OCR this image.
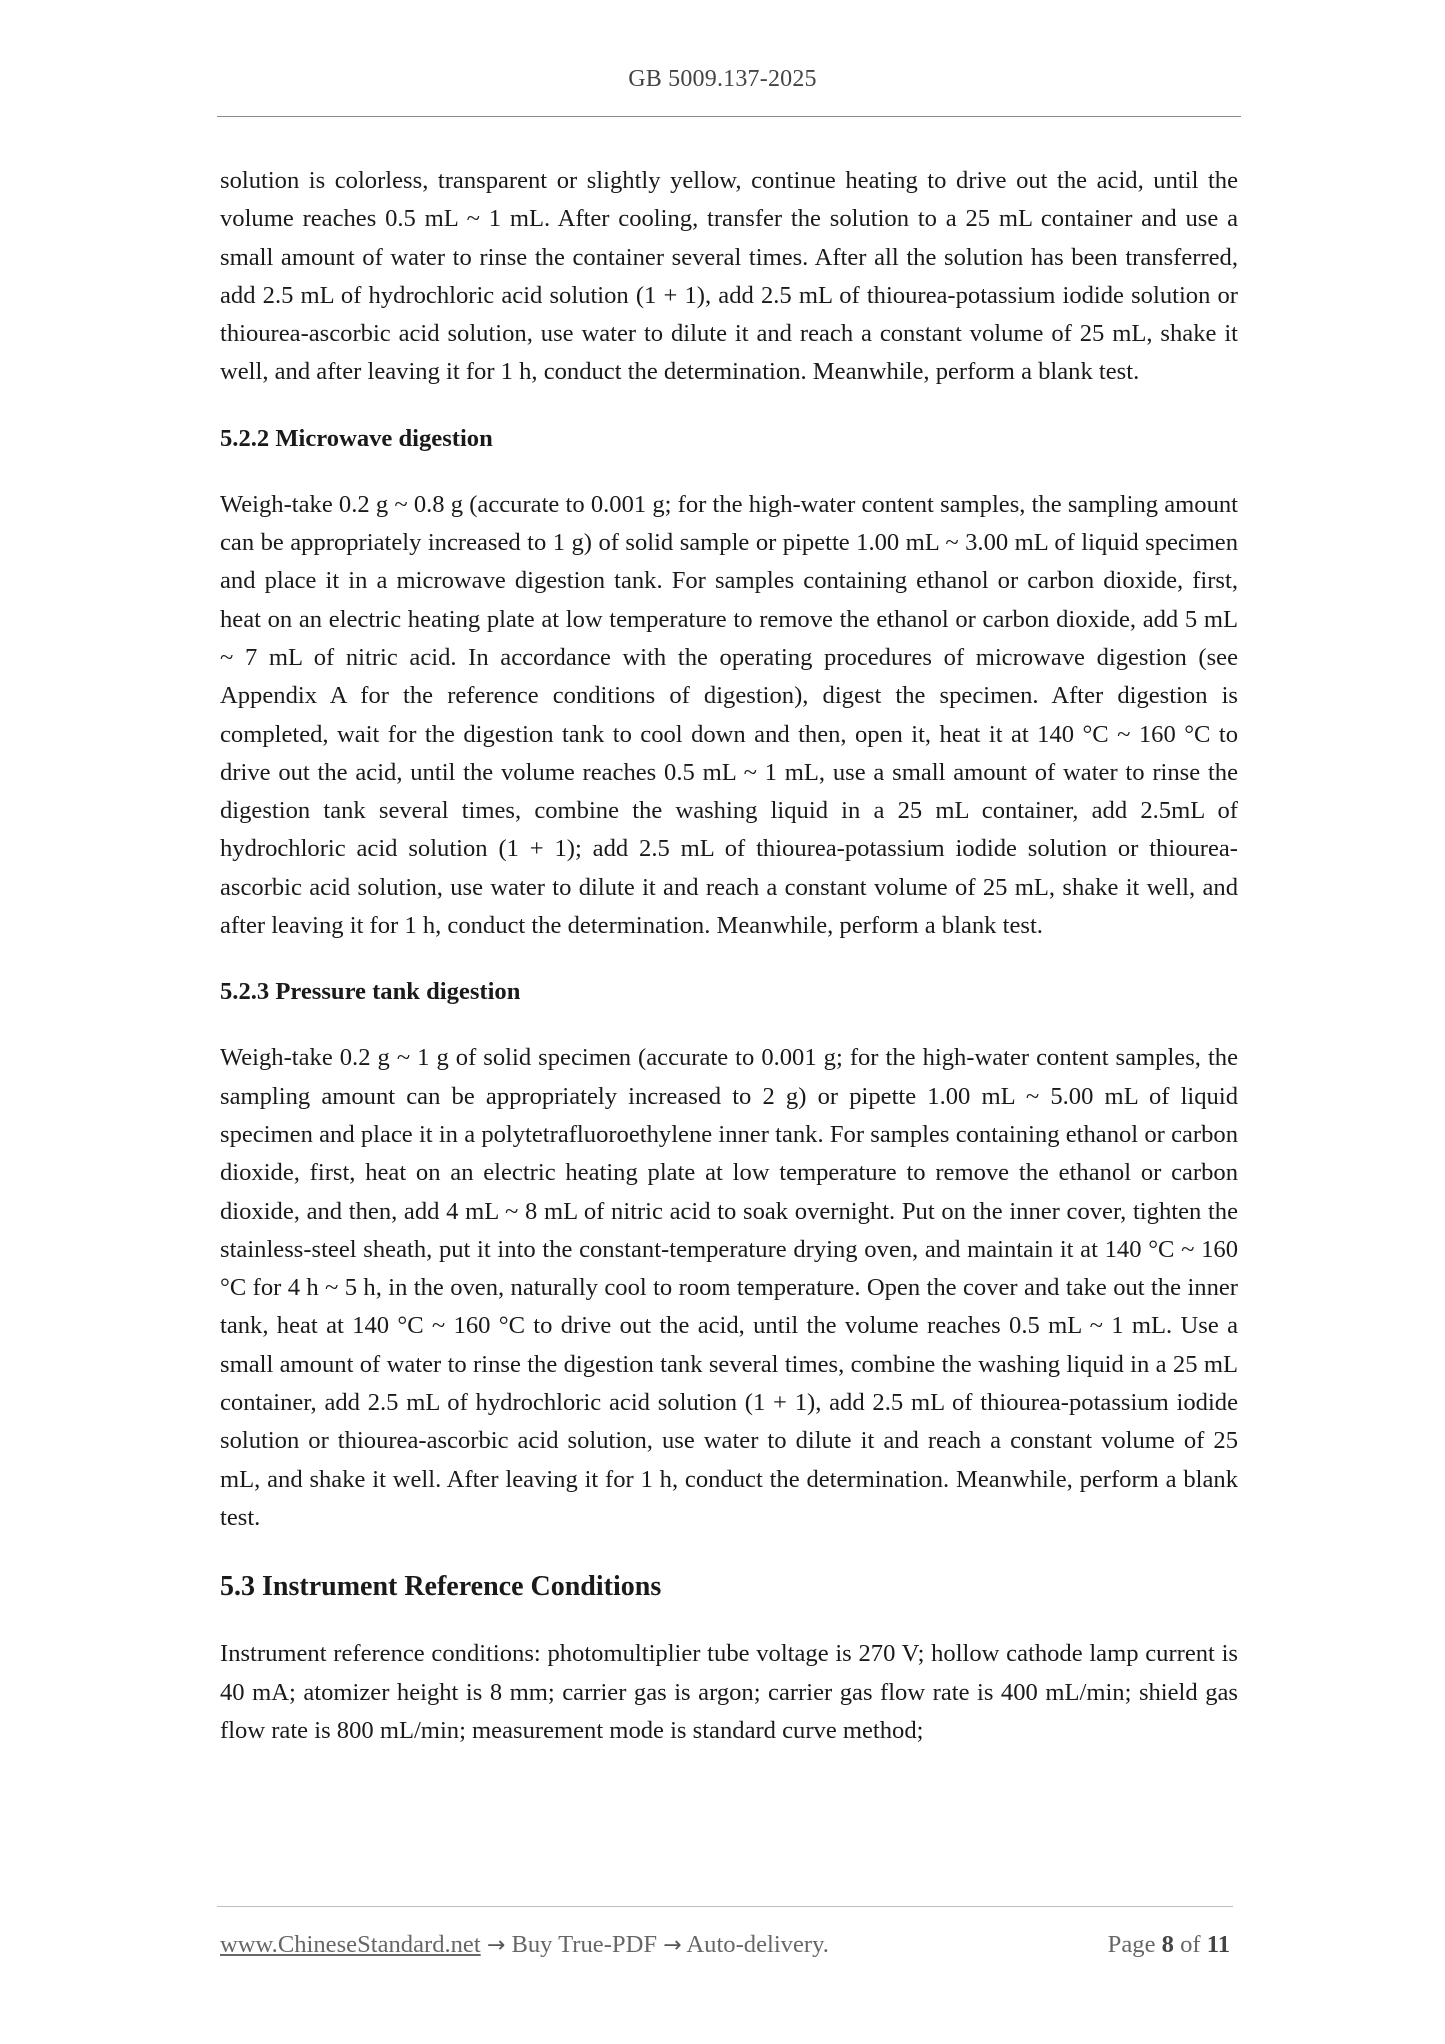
GB 5009.137-2025

solution is colorless, transparent or slightly yellow, continue heating to drive out the acid, until the volume reaches 0.5 mL ~ 1 mL. After cooling, transfer the solution to a 25 mL container and use a small amount of water to rinse the container several times. After all the solution has been transferred, add 2.5 mL of hydrochloric acid solution (1 + 1), add 2.5 mL of thiourea-potassium iodide solution or thiourea-ascorbic acid solution, use water to dilute it and reach a constant volume of 25 mL, shake it well, and after leaving it for 1 h, conduct the determination. Meanwhile, perform a blank test.

5.2.2 Microwave digestion

Weigh-take 0.2 g ~ 0.8 g (accurate to 0.001 g; for the high-water content samples, the sampling amount can be appropriately increased to 1 g) of solid sample or pipette 1.00 mL ~ 3.00 mL of liquid specimen and place it in a microwave digestion tank. For samples containing ethanol or carbon dioxide, first, heat on an electric heating plate at low temperature to remove the ethanol or carbon dioxide, add 5 mL ~ 7 mL of nitric acid. In accordance with the operating procedures of microwave digestion (see Appendix A for the reference conditions of digestion), digest the specimen. After digestion is completed, wait for the digestion tank to cool down and then, open it, heat it at 140 °C ~ 160 °C to drive out the acid, until the volume reaches 0.5 mL ~ 1 mL, use a small amount of water to rinse the digestion tank several times, combine the washing liquid in a 25 mL container, add 2.5mL of hydrochloric acid solution (1 + 1); add 2.5 mL of thiourea-potassium iodide solution or thiourea-ascorbic acid solution, use water to dilute it and reach a constant volume of 25 mL, shake it well, and after leaving it for 1 h, conduct the determination. Meanwhile, perform a blank test.

5.2.3 Pressure tank digestion

Weigh-take 0.2 g ~ 1 g of solid specimen (accurate to 0.001 g; for the high-water content samples, the sampling amount can be appropriately increased to 2 g) or pipette 1.00 mL ~ 5.00 mL of liquid specimen and place it in a polytetrafluoroethylene inner tank. For samples containing ethanol or carbon dioxide, first, heat on an electric heating plate at low temperature to remove the ethanol or carbon dioxide, and then, add 4 mL ~ 8 mL of nitric acid to soak overnight. Put on the inner cover, tighten the stainless-steel sheath, put it into the constant-temperature drying oven, and maintain it at 140 °C ~ 160 °C for 4 h ~ 5 h, in the oven, naturally cool to room temperature. Open the cover and take out the inner tank, heat at 140 °C ~ 160 °C to drive out the acid, until the volume reaches 0.5 mL ~ 1 mL. Use a small amount of water to rinse the digestion tank several times, combine the washing liquid in a 25 mL container, add 2.5 mL of hydrochloric acid solution (1 + 1), add 2.5 mL of thiourea-potassium iodide solution or thiourea-ascorbic acid solution, use water to dilute it and reach a constant volume of 25 mL, and shake it well. After leaving it for 1 h, conduct the determination. Meanwhile, perform a blank test.

5.3 Instrument Reference Conditions

Instrument reference conditions: photomultiplier tube voltage is 270 V; hollow cathode lamp current is 40 mA; atomizer height is 8 mm; carrier gas is argon; carrier gas flow rate is 400 mL/min; shield gas flow rate is 800 mL/min; measurement mode is standard curve method;

www.ChineseStandard.net → Buy True-PDF → Auto-delivery.	Page 8 of 11
